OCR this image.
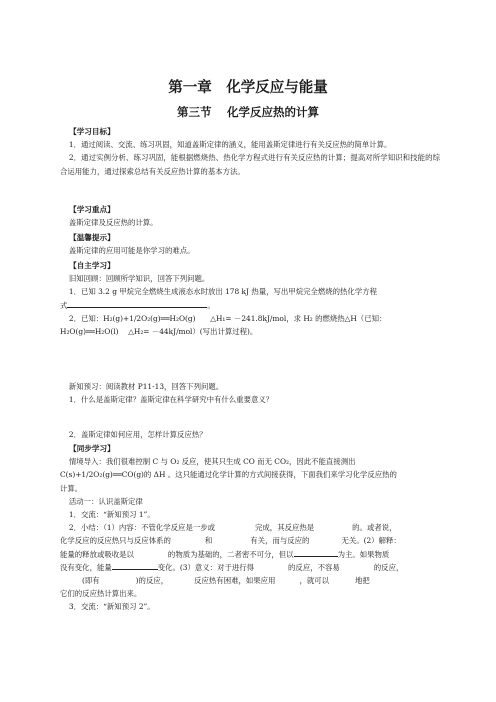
第一章　化学反应与能量
第三节　 化学反应热的计算
【学习目标】
1．通过阅读、交流、练习巩固，知道盖斯定律的涵义，能用盖斯定律进行有关反应热的简单计算。
2．通过实例分析、练习巩固，能根据燃烧热、热化学方程式进行有关反应热的计算；提高对所学知识和技能的综合运用能力，通过探索总结有关反应热计算的基本方法。
【学习重点】
盖斯定律及反应热的计算。
【温馨提示】
盖斯定律的应用可能是你学习的难点。
【自主学习】
旧知回顾：回顾所学知识，回答下列问题。
1．已知 3.2 g 甲烷完全燃烧生成液态水时放出 178 kJ 热量，写出甲烷完全燃烧的热化学方程
式	。
2．已知：H₂(g)+1/2O₂(g)══H₂O(g)　　△H₁= －241.8kJ/mol，求 H₂ 的燃烧热△H（已知：
H₂O(g)══H₂O(l)　 △H₂= －44kJ/mol）(写出计算过程)。
新知预习：阅读教材 P11-13，回答下列问题。
1．什么是盖斯定律？盖斯定律在科学研究中有什么重要意义？
2．盖斯定律如何应用，怎样计算反应热？
【同步学习】
情境导入：我们很难控制 C 与 O₂ 反应，使其只生成 CO 而无 CO₂，因此不能直接测出
C(s)+1/2O₂(g)══CO(g)的 ΔH 。这只能通过化学计算的方式间接获得，下面我们来学习化学反应热的
计算。
活动一：认识盖斯定律
1．交流：“新知预习 1”。
2．小结：（1）内容：不管化学反应是一步或	完成，其反应热是	的。或者说，
化学反应的反应热只与反应体系的	和	有关，而与反应的	无关。(2）解释：
能量的释放或吸收是以	的物质为基础的，二者密不可分，但以	为主。如果物质
没有变化，能量	变化。(3）意义：对于进行得	的反应，不容易	的反应，
(即有	)的反应，	反应热有困难，如果应用	，就可以	地把
它们的反应热计算出来。
3．交流：“新知预习 2”。
